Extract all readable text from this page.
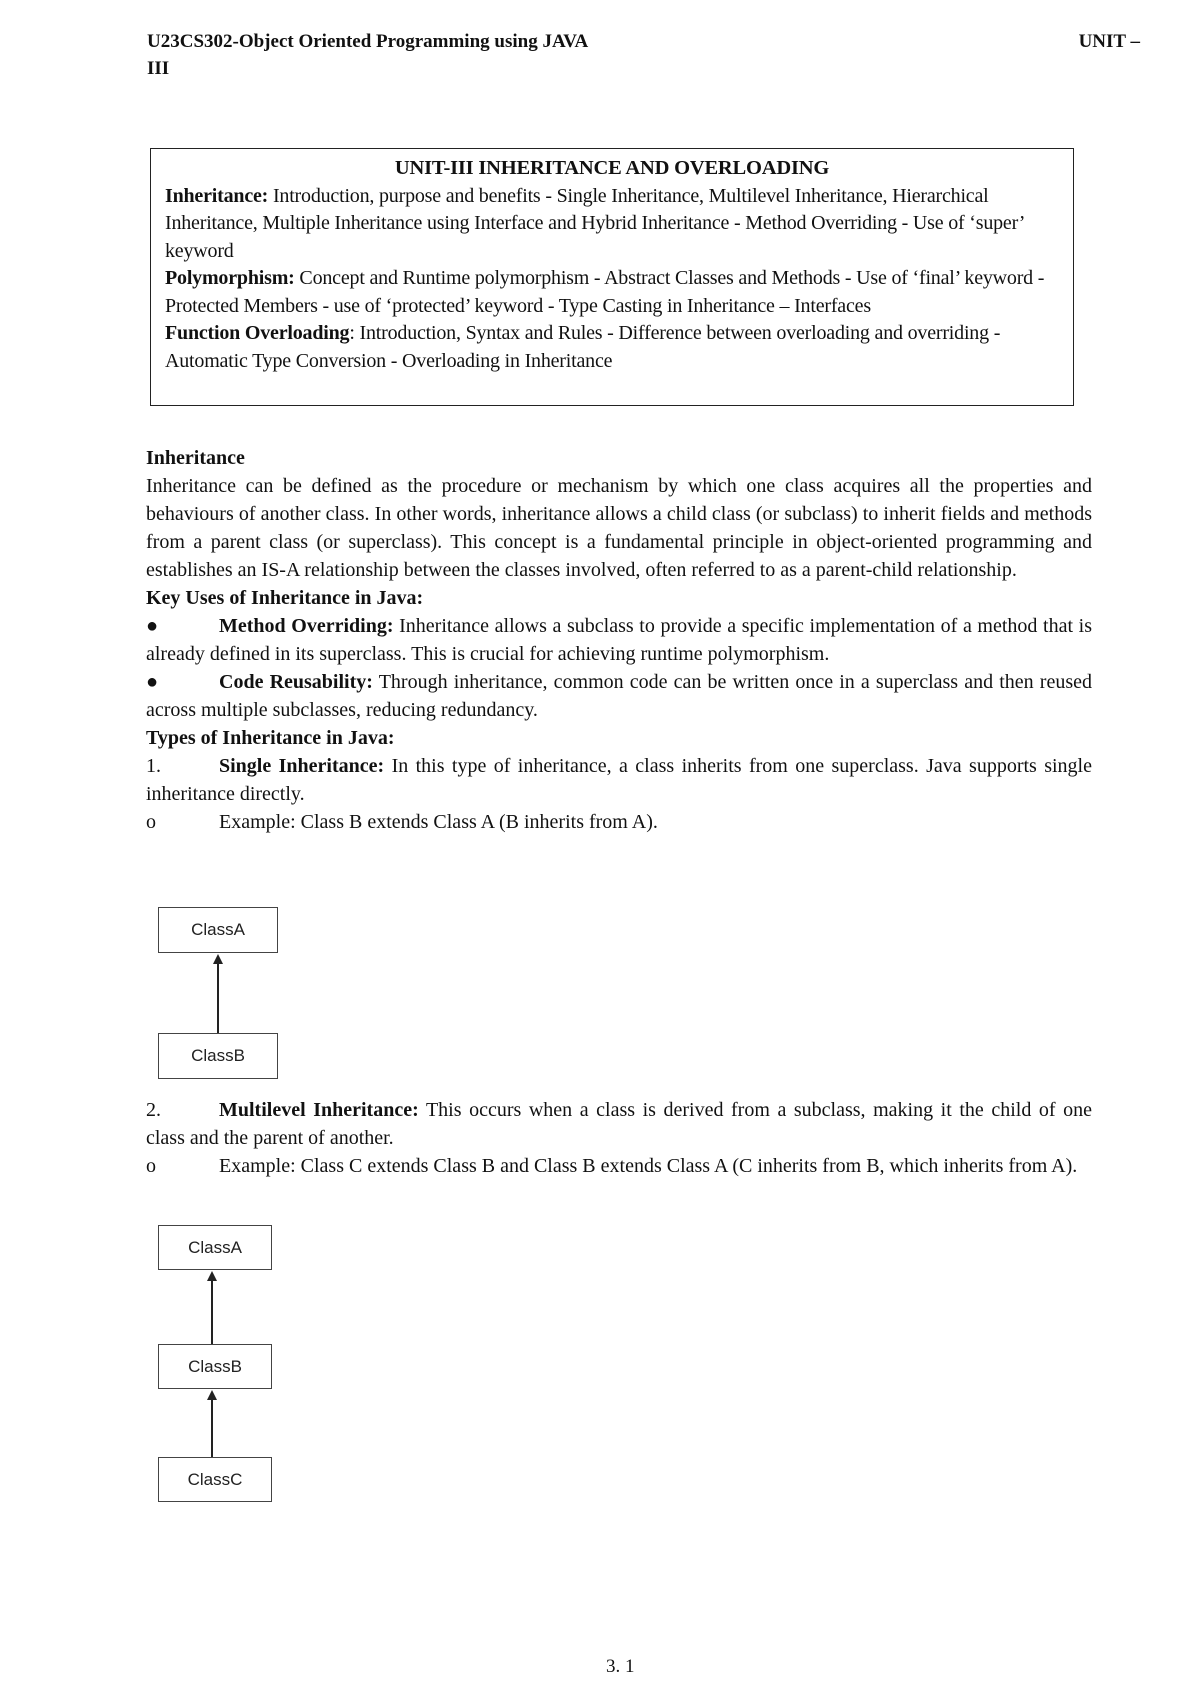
U23CS302-Object Oriented Programming using JAVA	UNIT –
III
UNIT-III INHERITANCE AND OVERLOADING

Inheritance: Introduction, purpose and benefits - Single Inheritance, Multilevel Inheritance, Hierarchical Inheritance, Multiple Inheritance using Interface and Hybrid Inheritance - Method Overriding - Use of ‘super’ keyword

Polymorphism: Concept and Runtime polymorphism - Abstract Classes and Methods - Use of ‘final’ keyword - Protected Members - use of ‘protected’ keyword - Type Casting in Inheritance – Interfaces

Function Overloading: Introduction, Syntax and Rules - Difference between overloading and overriding - Automatic Type Conversion - Overloading in Inheritance

Inheritance

Inheritance can be defined as the procedure or mechanism by which one class acquires all the properties and behaviours of another class. In other words, inheritance allows a child class (or subclass) to inherit fields and methods from a parent class (or superclass). This concept is a fundamental principle in object-oriented programming and establishes an IS-A relationship between the classes involved, often referred to as a parent-child relationship.

Key Uses of Inheritance in Java:

●	Method Overriding: Inheritance allows a subclass to provide a specific implementation of a method that is already defined in its superclass. This is crucial for achieving runtime polymorphism.

●	Code Reusability: Through inheritance, common code can be written once in a superclass and then reused across multiple subclasses, reducing redundancy.

Types of Inheritance in Java:

1.	Single Inheritance: In this type of inheritance, a class inherits from one superclass. Java supports single inheritance directly.

o	Example: Class B extends Class A (B inherits from A).

ClassA
ClassB

2.	Multilevel Inheritance: This occurs when a class is derived from a subclass, making it the child of one class and the parent of another.

o	Example: Class C extends Class B and Class B extends Class A (C inherits from B, which inherits from A).

ClassA
ClassB
ClassC
3. 1
